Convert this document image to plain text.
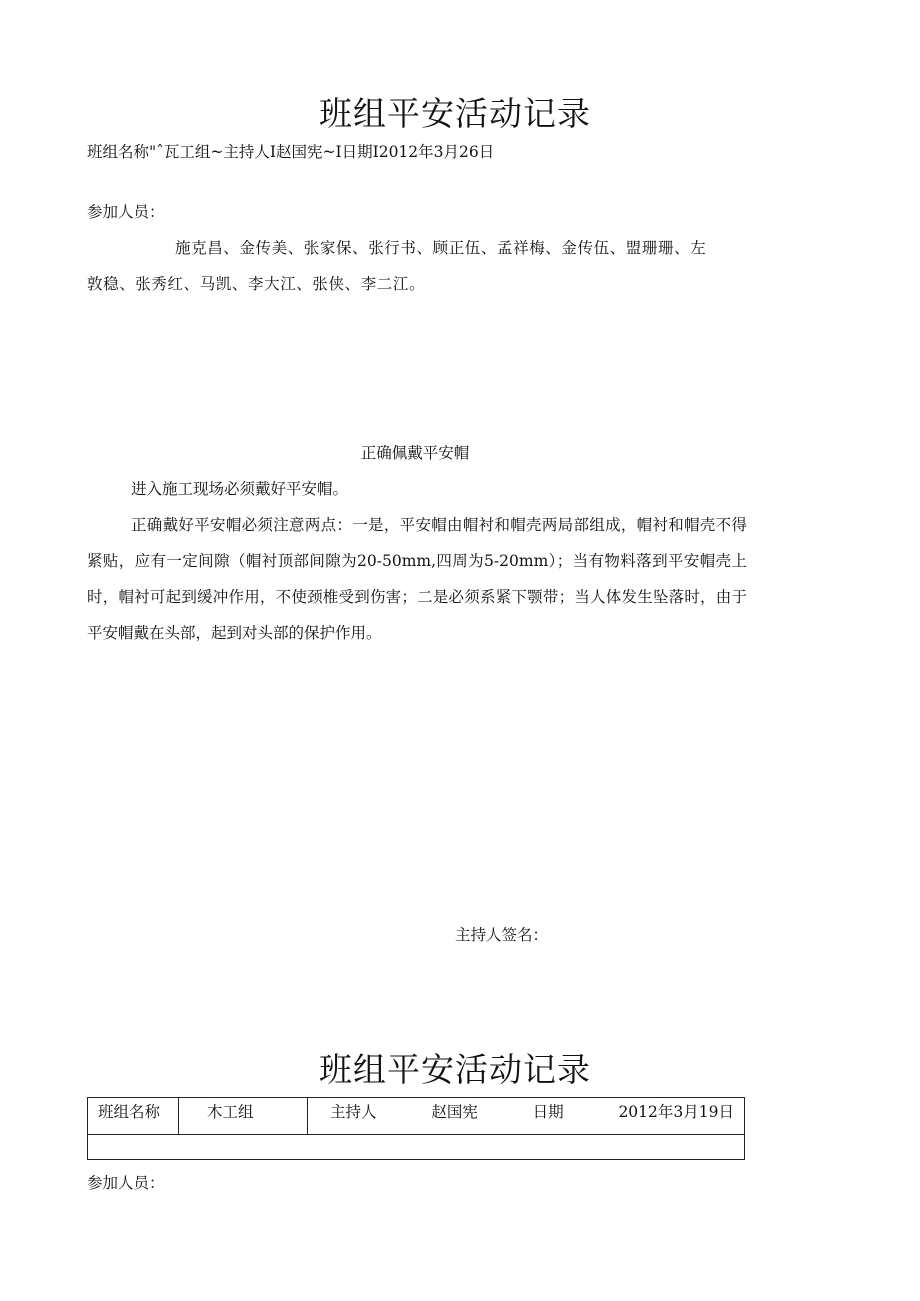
班组平安活动记录
班组名称"ˆ瓦工组~主持人I赵国宪~I日期I2012年3月26日
参加人员：
施克昌、金传美、张家保、张行书、顾正伍、孟祥梅、金传伍、盟珊珊、左
敦稳、张秀红、马凯、李大江、张侠、李二江。
正确佩戴平安帽
进入施工现场必须戴好平安帽。
正确戴好平安帽必须注意两点：一是，平安帽由帽衬和帽壳两局部组成，帽衬和帽壳不得紧贴，应有一定间隙（帽衬顶部间隙为20-50mm,四周为5-20mm）；当有物料落到平安帽壳上时，帽衬可起到缓冲作用，不使颈椎受到伤害；二是必须系紧下颚带；当人体发生坠落时，由于平安帽戴在头部，起到对头部的保护作用。
主持人签名：
班组平安活动记录
班组名称	木工组	主持人	赵国宪	日期	2012年3月19日

参加人员：
